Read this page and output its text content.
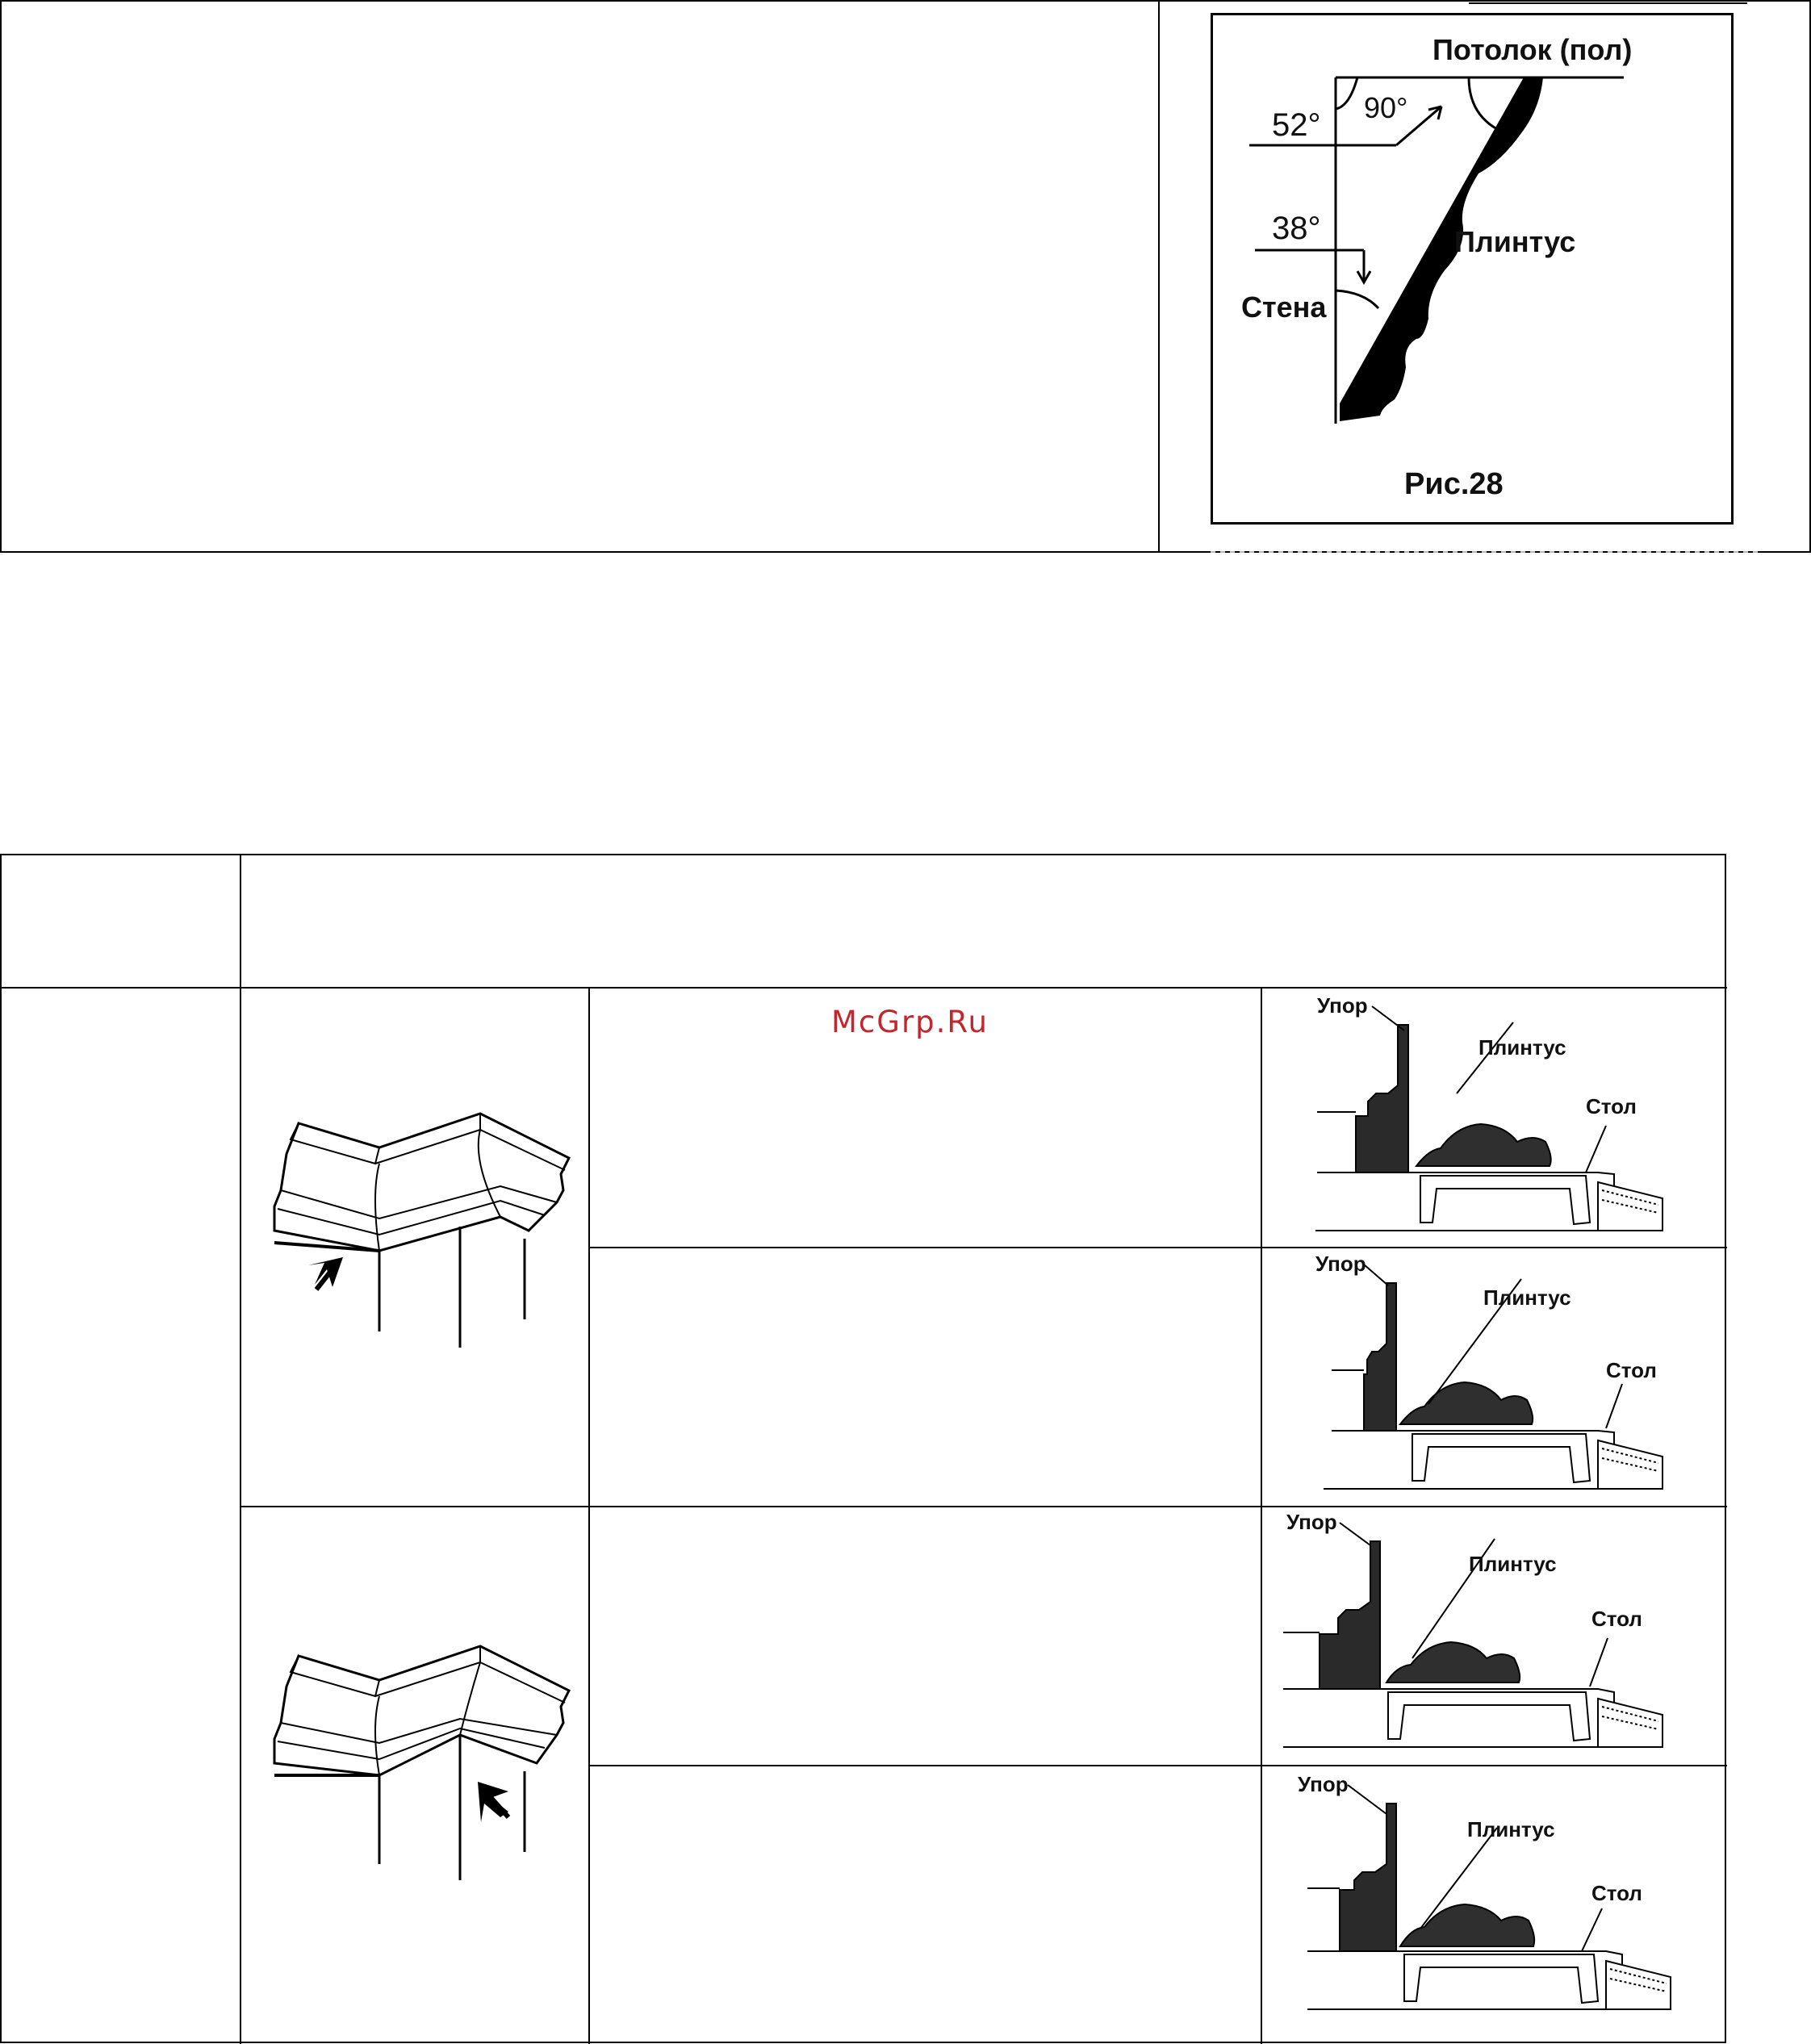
Потолок (пол)
90°
52°
38°	Плинтус
Стена
Рис.28
McGrp.Ru	Упор
Плинтус
Стол
Упор
Плинтус
Стол
Упор
Плинтус
Стол
Упор
Плинтус
Стол
